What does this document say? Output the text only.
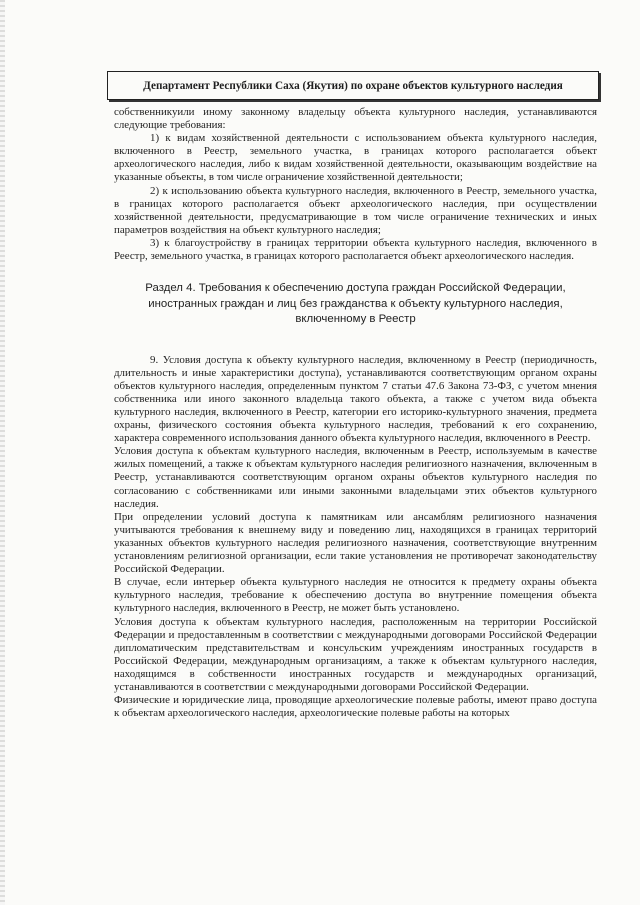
Департамент Республики Саха (Якутия) по охране объектов культурного наследия

собственникуили иному законному владельцу объекта культурного наследия, устанавливаются следующие требования:

1) к видам хозяйственной деятельности с использованием объекта культурного наследия, включенного в Реестр, земельного участка, в границах которого располагается объект археологического наследия, либо к видам хозяйственной деятельности, оказывающим воздействие на указанные объекты, в том числе ограничение хозяйственной деятельности;

2) к использованию объекта культурного наследия, включенного в Реестр, земельного участка, в границах которого располагается объект археологического наследия, при осуществлении хозяйственной деятельности, предусматривающие в том числе ограничение технических и иных параметров воздействия на объект культурного наследия;

3) к благоустройству в границах территории объекта культурного наследия, включенного в Реестр, земельного участка, в границах которого располагается объект археологического наследия.

Раздел 4. Требования к обеспечению доступа граждан Российской Федерации,
иностранных граждан и лиц без гражданства к объекту культурного наследия,
включенному в Реестр

9. Условия доступа к объекту культурного наследия, включенному в Реестр (периодичность, длительность и иные характеристики доступа), устанавливаются соответствующим органом охраны объектов культурного наследия, определенным пунктом 7 статьи 47.6 Закона 73-ФЗ, с учетом мнения собственника или иного законного владельца такого объекта, а также с учетом вида объекта культурного наследия, включенного в Реестр, категории его историко-культурного значения, предмета охраны, физического состояния объекта культурного наследия, требований к его сохранению, характера современного использования данного объекта культурного наследия, включенного в Реестр.

Условия доступа к объектам культурного наследия, включенным в Реестр, используемым в качестве жилых помещений, а также к объектам культурного наследия религиозного назначения, включенным в Реестр, устанавливаются соответствующим органом охраны объектов культурного наследия по согласованию с собственниками или иными законными владельцами этих объектов культурного наследия.

При определении условий доступа к памятникам или ансамблям религиозного назначения учитываются требования к внешнему виду и поведению лиц, находящихся в границах территорий указанных объектов культурного наследия религиозного назначения, соответствующие внутренним установлениям религиозной организации, если такие установления не противоречат законодательству Российской Федерации.

В случае, если интерьер объекта культурного наследия не относится к предмету охраны объекта культурного наследия, требование к обеспечению доступа во внутренние помещения объекта культурного наследия, включенного в Реестр, не может быть установлено.

Условия доступа к объектам культурного наследия, расположенным на территории Российской Федерации и предоставленным в соответствии с международными договорами Российской Федерации дипломатическим представительствам и консульским учреждениям иностранных государств в Российской Федерации, международным организациям, а также к объектам культурного наследия, находящимся в собственности иностранных государств и международных организаций, устанавливаются в соответствии с международными договорами Российской Федерации.

Физические и юридические лица, проводящие археологические полевые работы, имеют право доступа к объектам археологического наследия, археологические полевые работы на которых
